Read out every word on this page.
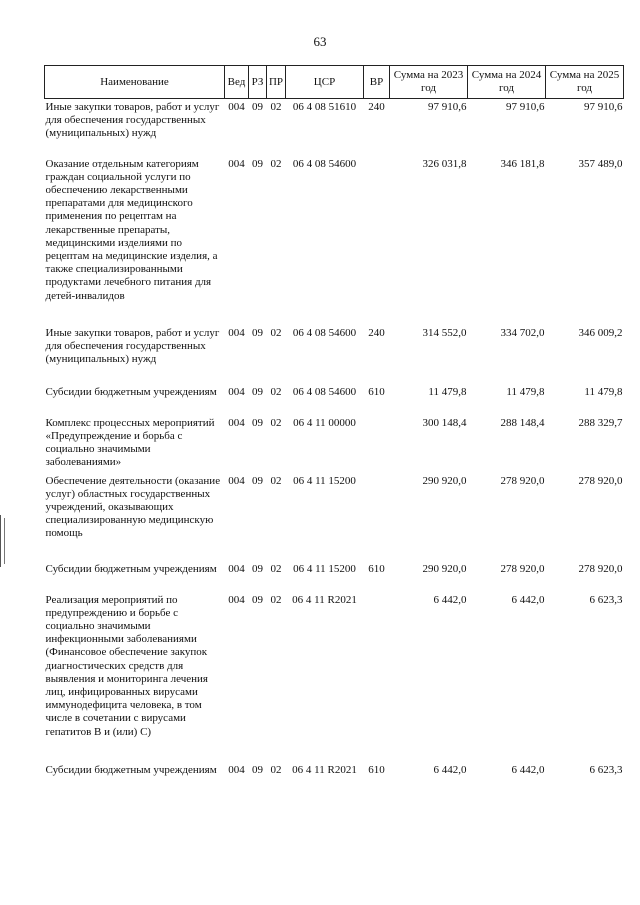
63
Наименование	Вед	РЗ	ПР	ЦСР	ВР	Сумма на 2023 год	Сумма на 2024 год	Сумма на 2025 год
Иные закупки товаров, работ и услуг для обеспечения государственных (муниципальных) нужд	004	09	02	06 4 08 51610	240	97 910,6	97 910,6	97 910,6
Оказание отдельным категориям граждан социальной услуги по обеспечению лекарственными препаратами для медицинского применения по рецептам на лекарственные препараты, медицинскими изделиями по рецептам на медицинские изделия, а также специализированными продуктами лечебного питания для детей-инвалидов	004	09	02	06 4 08 54600		326 031,8	346 181,8	357 489,0
Иные закупки товаров, работ и услуг для обеспечения государственных (муниципальных) нужд	004	09	02	06 4 08 54600	240	314 552,0	334 702,0	346 009,2
Субсидии бюджетным учреждениям	004	09	02	06 4 08 54600	610	11 479,8	11 479,8	11 479,8
Комплекс процессных мероприятий «Предупреждение и борьба с социально значимыми заболеваниями»	004	09	02	06 4 11 00000		300 148,4	288 148,4	288 329,7
Обеспечение деятельности (оказание услуг) областных государственных учреждений, оказывающих специализированную медицинскую помощь	004	09	02	06 4 11 15200		290 920,0	278 920,0	278 920,0
Субсидии бюджетным учреждениям	004	09	02	06 4 11 15200	610	290 920,0	278 920,0	278 920,0
Реализация мероприятий по предупреждению и борьбе с социально значимыми инфекционными заболеваниями (Финансовое обеспечение закупок диагностических средств для выявления и мониторинга лечения лиц, инфицированных вирусами иммунодефицита человека, в том числе в сочетании с вирусами гепатитов В и (или) С)	004	09	02	06 4 11 R2021		6 442,0	6 442,0	6 623,3
Субсидии бюджетным учреждениям	004	09	02	06 4 11 R2021	610	6 442,0	6 442,0	6 623,3
